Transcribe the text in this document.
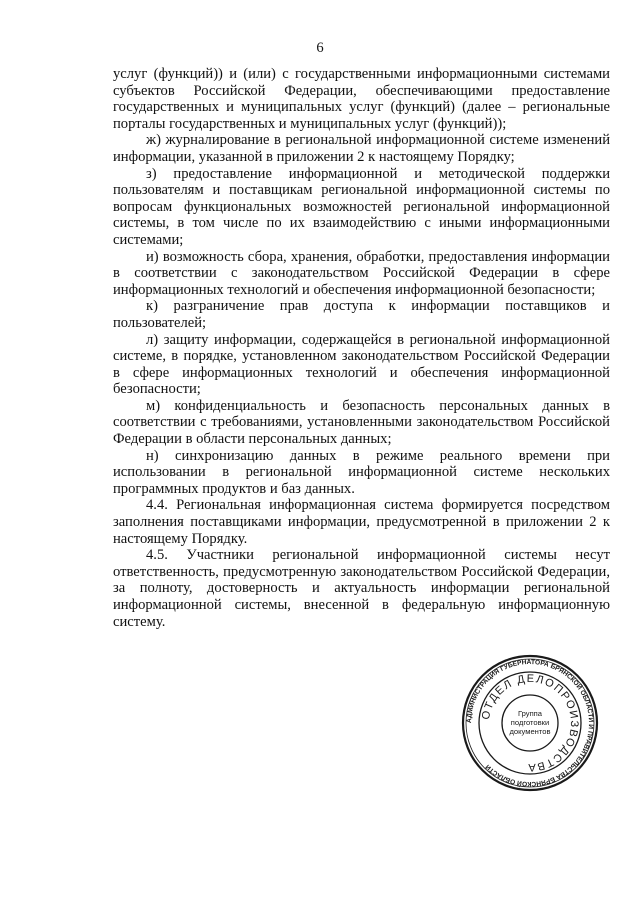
6

услуг (функций)) и (или) с государственными информационными системами субъектов Российской Федерации, обеспечивающими предоставление государственных и муниципальных услуг (функций) (далее – региональные порталы государственных и муниципальных услуг (функций));

ж) журналирование в региональной информационной системе изменений информации, указанной в приложении 2 к настоящему Порядку;

з) предоставление информационной и методической поддержки пользователям и поставщикам региональной информационной системы по вопросам функциональных возможностей региональной информационной системы, в том числе по их взаимодействию с иными информационными системами;

и) возможность сбора, хранения, обработки, предоставления информации в соответствии с законодательством Российской Федерации в сфере информационных технологий и обеспечения информационной безопасности;

к) разграничение прав доступа к информации поставщиков и пользователей;

л) защиту информации, содержащейся в региональной информационной системе, в порядке, установленном законодательством Российской Федерации в сфере информационных технологий и обеспечения информационной безопасности;

м) конфиденциальность и безопасность персональных данных в соответствии с требованиями, установленными законодательством Российской Федерации в области персональных данных;

н) синхронизацию данных в режиме реального времени при использовании в региональной информационной системе нескольких программных продуктов и баз данных.

4.4. Региональная информационная система формируется посредством заполнения поставщиками информации, предусмотренной в приложении 2 к настоящему Порядку.

4.5. Участники региональной информационной системы несут ответственность, предусмотренную законодательством Российской Федерации, за полноту, достоверность и актуальность информации региональной информационной системы, внесенной в федеральную информационную систему.

АДМИНИСТРАЦИЯ ГУБЕРНАТОРА БРЯНСКОЙ ОБЛАСТИ И ПРАВИТЕЛЬСТВА БРЯНСКОЙ ОБЛАСТИ
ОТДЕЛ ДЕЛОПРОИЗВОДСТВА
Группа
подготовки
документов
